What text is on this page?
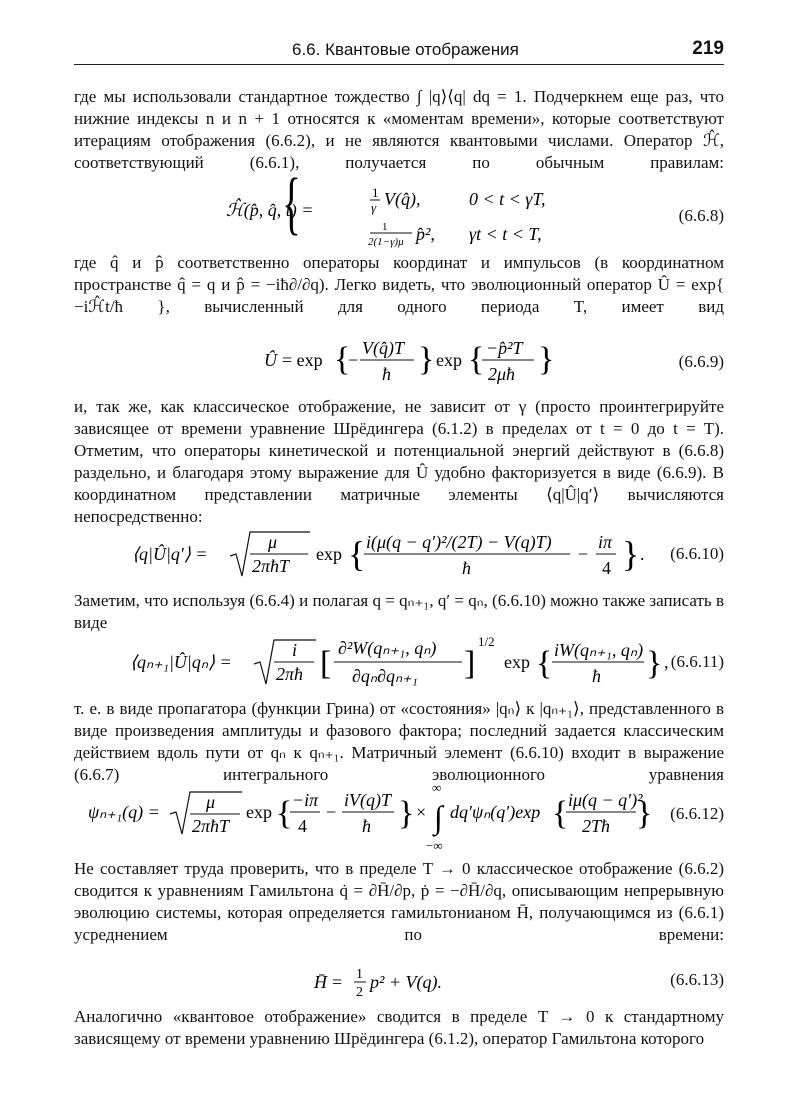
6.6. Квантовые отображения	219
где мы использовали стандартное тождество ∫ |q⟩⟨q| dq = 1. Подчеркнем еще раз, что нижние индексы n и n + 1 относятся к «моментам времени», которые соответствуют итерациям отображения (6.6.2), и не являются квантовыми числами. Оператор ℋ̂, соответствующий (6.6.1), получается по обычным правилам:
ℋ̂(p̂, q̂, t) =
{	1
γ V(q̂),	0 < t < γT,
1
2(1−γ)μ p̂², γt < t < T,
(6.6.8)
где q̂ и p̂ соответственно операторы координат и импульсов (в координатном пространстве q̂ = q и p̂ = −iħ∂/∂q). Легко видеть, что эволюционный оператор Û = exp{ −iℋ̂t/ħ }, вычисленный для одного периода T, имеет вид
Û = exp {
−
V(q̂)T
ħ } exp { −p̂²T
2μħ }	(6.6.9)
и, так же, как классическое отображение, не зависит от γ (просто проинтегрируйте зависящее от времени уравнение Шрёдингера (6.1.2) в пределах от t = 0 до t = T). Отметим, что операторы кинетической и потенциальной энергий действуют в (6.6.8) раздельно, и благодаря этому выражение для Û удобно факторизуется в виде (6.6.9). В координатном представлении матричные элементы ⟨q|Û|q′⟩ вычисляются непосредственно:
⟨q|Û|q′⟩ =
μ
2πħT
exp { i(μ(q − q′)²/(2T) − V(q)T)
ħ
−
iπ
4 } . (6.6.10)
Заметим, что используя (6.6.4) и полагая q = qₙ₊₁, q′ = qₙ, (6.6.10) можно также записать в виде
⟨qₙ₊₁|Û|qₙ⟩ =
i
2πħ [ ∂²W(qₙ₊₁, qₙ)
∂qₙ∂qₙ₊₁ ]
1/2
exp { iW(qₙ₊₁, qₙ)
ħ } , (6.6.11)
т. е. в виде пропагатора (функции Грина) от «состояния» |qₙ⟩ к |qₙ₊₁⟩, представленного в виде произведения амплитуды и фазового фактора; последний задается классическим действием вдоль пути от qₙ к qₙ₊₁. Матричный элемент (6.6.10) входит в выражение (6.6.7) интегрального эволюционного уравнения
ψₙ₊₁(q) =	μ
2πħT
exp { −iπ
4
−
iV(q)T
ħ } ×
∞
∫
−∞
dq′ψₙ(q′)exp { iμ(q − q′)²
2Tħ } (6.6.12)
Не составляет труда проверить, что в пределе T → 0 классическое отображение (6.6.2) сводится к уравнениям Гамильтона q̇ = ∂H̄/∂p, ṗ = −∂H̄/∂q, описывающим непрерывную эволюцию системы, которая определяется гамильтонианом H̄, получающимся из (6.6.1) усреднением по времени:
H̄ = 1
2
p² + V(q).	(6.6.13)
Аналогично «квантовое отображение» сводится в пределе T → 0 к стандартному зависящему от времени уравнению Шрёдингера (6.1.2), оператор Гамильтона которого
